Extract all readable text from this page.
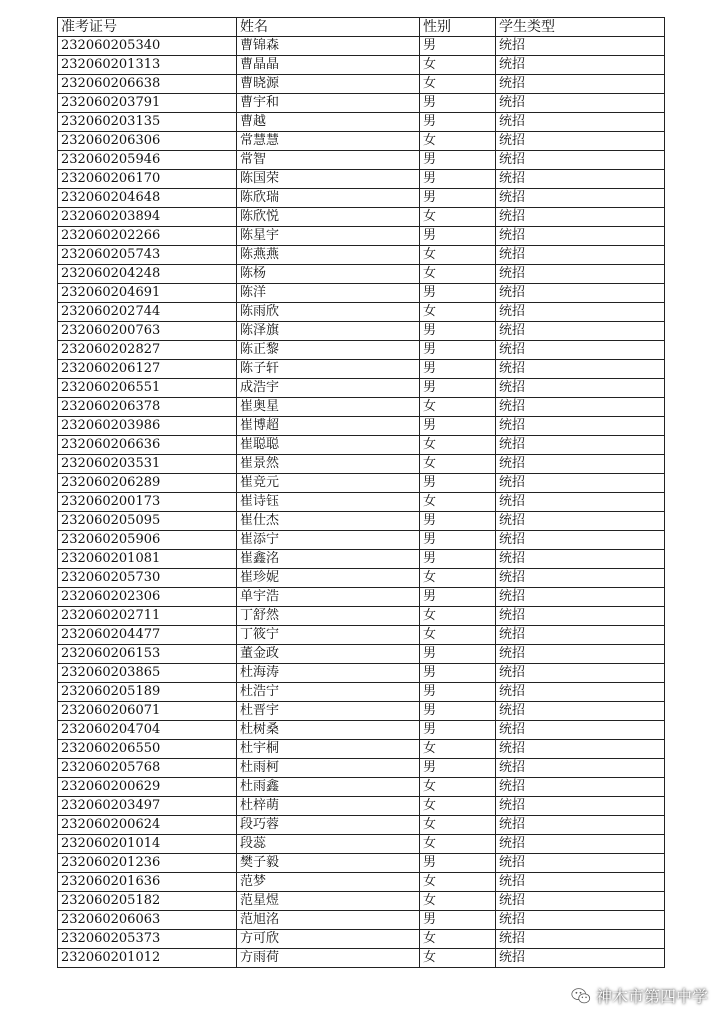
准考证号	姓名	性别	学生类型
232060205340	曹锦森	男	统招
232060201313	曹晶晶	女	统招
232060206638	曹晓源	女	统招
232060203791	曹宇和	男	统招
232060203135	曹越	男	统招
232060206306	常慧慧	女	统招
232060205946	常智	男	统招
232060206170	陈国荣	男	统招
232060204648	陈欣瑞	男	统招
232060203894	陈欣悦	女	统招
232060202266	陈星宇	男	统招
232060205743	陈燕燕	女	统招
232060204248	陈杨	女	统招
232060204691	陈洋	男	统招
232060202744	陈雨欣	女	统招
232060200763	陈泽旗	男	统招
232060202827	陈正黎	男	统招
232060206127	陈子轩	男	统招
232060206551	成浩宇	男	统招
232060206378	崔奥星	女	统招
232060203986	崔博超	男	统招
232060206636	崔聪聪	女	统招
232060203531	崔景然	女	统招
232060206289	崔竞元	男	统招
232060200173	崔诗钰	女	统招
232060205095	崔仕杰	男	统招
232060205906	崔添宁	男	统招
232060201081	崔鑫洺	男	统招
232060205730	崔珍妮	女	统招
232060202306	单宇浩	男	统招
232060202711	丁舒然	女	统招
232060204477	丁筱宁	女	统招
232060206153	董金政	男	统招
232060203865	杜海涛	男	统招
232060205189	杜浩宁	男	统招
232060206071	杜晋宇	男	统招
232060204704	杜树桑	男	统招
232060206550	杜宇桐	女	统招
232060205768	杜雨柯	男	统招
232060200629	杜雨鑫	女	统招
232060203497	杜梓萌	女	统招
232060200624	段巧蓉	女	统招
232060201014	段蕊	女	统招
232060201236	樊子毅	男	统招
232060201636	范梦	女	统招
232060205182	范星煜	女	统招
232060206063	范旭洺	男	统招
232060205373	方可欣	女	统招
232060201012	方雨荷	女	统招
神木市第四中学
